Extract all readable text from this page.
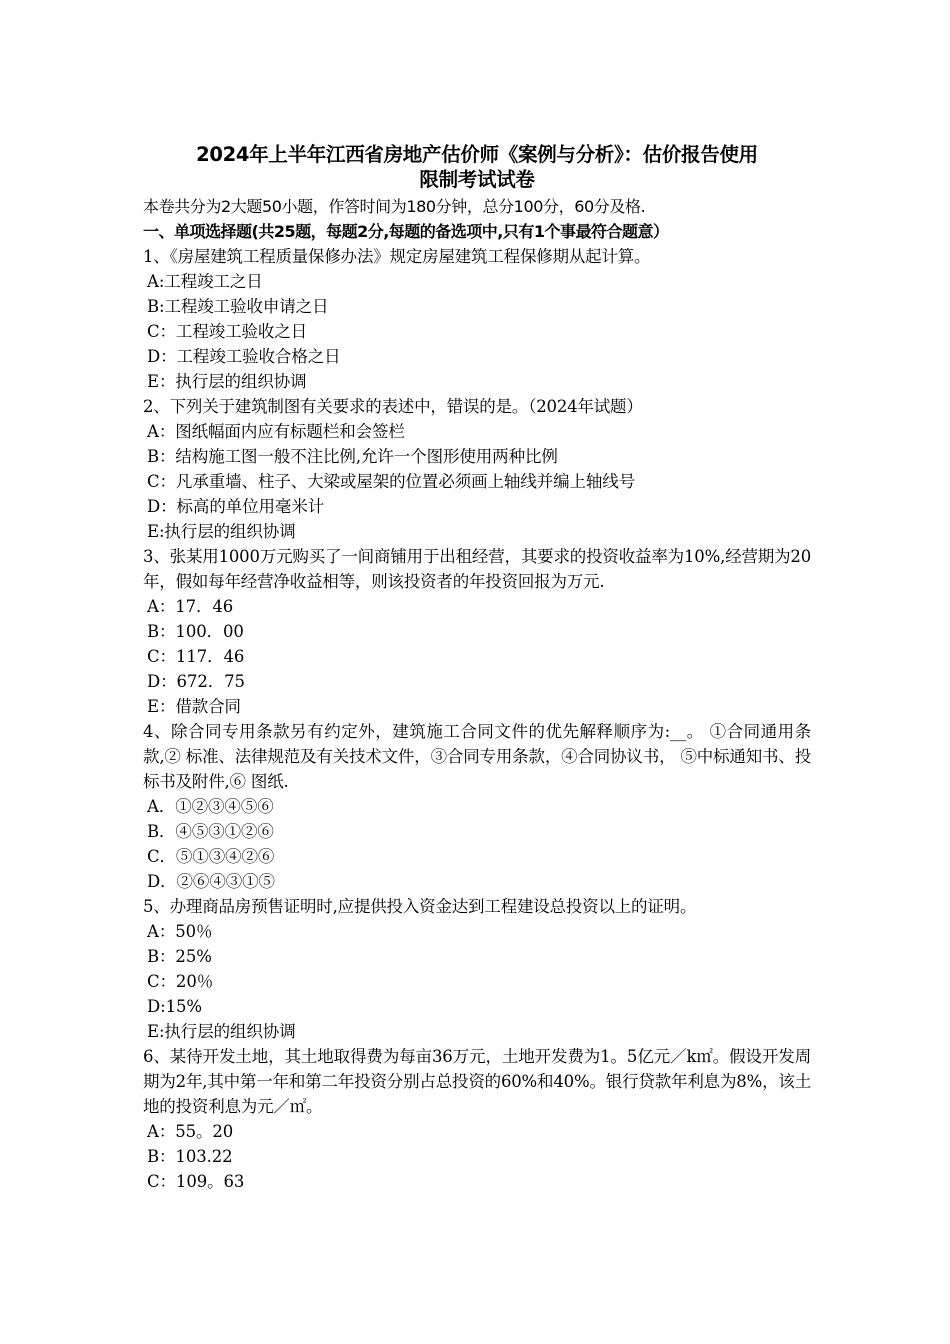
2024年上半年江西省房地产估价师《案例与分析》：估价报告使用
限制考试试卷
本卷共分为2大题50小题，作答时间为180分钟，总分100分，60分及格.
一、单项选择题(共25题，每题2分,每题的备选项中,只有1个事最符合题意）
1、《房屋建筑工程质量保修办法》规定房屋建筑工程保修期从起计算。
A:工程竣工之日
B:工程竣工验收申请之日
C：工程竣工验收之日
D：工程竣工验收合格之日
E：执行层的组织协调
2、下列关于建筑制图有关要求的表述中，错误的是。（2024年试题）
A：图纸幅面内应有标题栏和会签栏
B：结构施工图一般不注比例,允许一个图形使用两种比例
C：凡承重墙、柱子、大梁或屋架的位置必须画上轴线并编上轴线号
D：标高的单位用毫米计
E:执行层的组织协调
3、张某用1000万元购买了一间商铺用于出租经营，其要求的投资收益率为10%,经营期为20年，假如每年经营净收益相等，则该投资者的年投资回报为万元.
A：17．46
B：100．00
C：117．46
D：672．75
E：借款合同
4、除合同专用条款另有约定外，建筑施工合同文件的优先解释顺序为:__。 ①合同通用条款,② 标准、法律规范及有关技术文件，③合同专用条款，④合同协议书， ⑤中标通知书、投标书及附件,⑥ 图纸.
A．①②③④⑤⑥
B．④⑤③①②⑥
C．⑤①③④②⑥
D．②⑥④③①⑤
5、办理商品房预售证明时,应提供投入资金达到工程建设总投资以上的证明。
A：50％
B：25%
C：20％
D:15%
E:执行层的组织协调
6、某待开发土地，其土地取得费为每亩36万元，土地开发费为1。5亿元／k㎡。假设开发周期为2年,其中第一年和第二年投资分别占总投资的60%和40%。银行贷款年利息为8%，该土地的投资利息为元／㎡。
A：55。20
B：103.22
C：109。63
